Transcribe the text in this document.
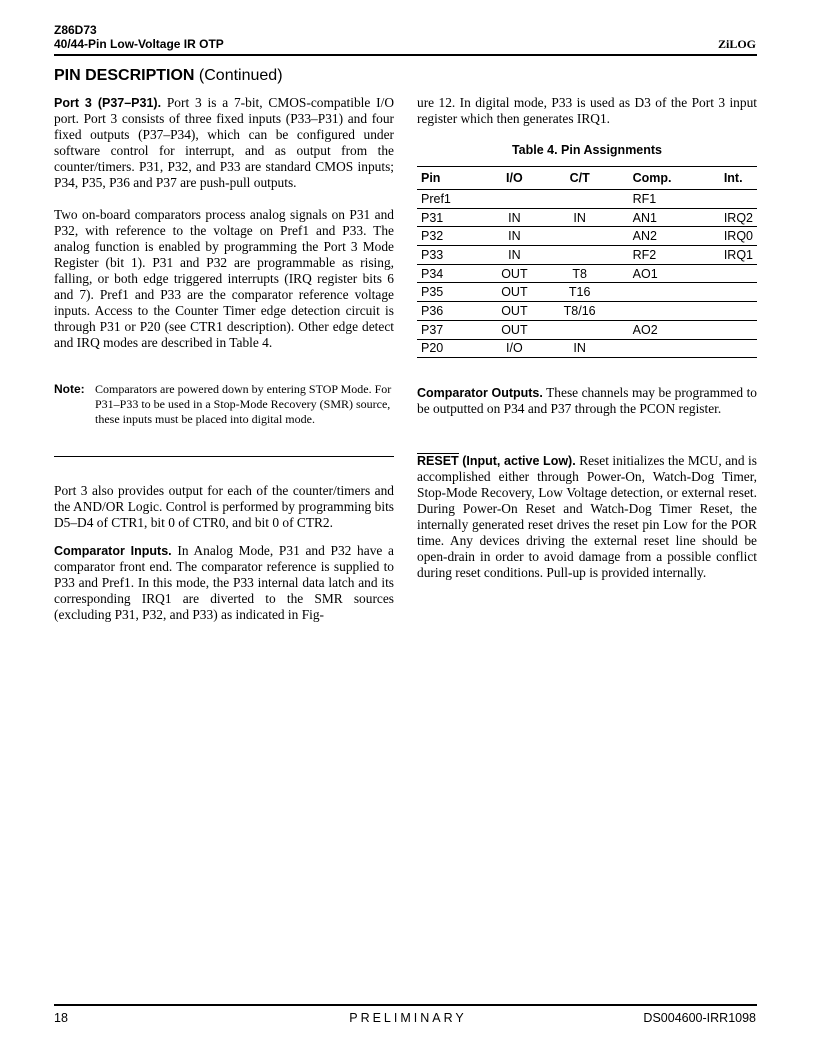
Z86D73
40/44-Pin Low-Voltage IR OTP	ZiLOG
PIN DESCRIPTION (Continued)

Port 3 (P37–P31). Port 3 is a 7-bit, CMOS-compatible I/O port. Port 3 consists of three fixed inputs (P33–P31) and four fixed outputs (P37–P34), which can be configured under software control for interrupt, and as output from the counter/timers. P31, P32, and P33 are standard CMOS inputs; P34, P35, P36 and P37 are push-pull outputs.

Two on-board comparators process analog signals on P31 and P32, with reference to the voltage on Pref1 and P33. The analog function is enabled by programming the Port 3 Mode Register (bit 1). P31 and P32 are programmable as rising, falling, or both edge triggered interrupts (IRQ register bits 6 and 7). Pref1 and P33 are the comparator reference voltage inputs. Access to the Counter Timer edge detection circuit is through P31 or P20 (see CTR1 description). Other edge detect and IRQ modes are described in Table 4.

Note: Comparators are powered down by entering STOP Mode. For P31–P33 to be used in a Stop-Mode Recovery (SMR) source, these inputs must be placed into digital mode.

Port 3 also provides output for each of the counter/timers and the AND/OR Logic. Control is performed by programming bits D5–D4 of CTR1, bit 0 of CTR0, and bit 0 of CTR2.

Comparator Inputs. In Analog Mode, P31 and P32 have a comparator front end. The comparator reference is supplied to P33 and Pref1. In this mode, the P33 internal data latch and its corresponding IRQ1 are diverted to the SMR sources (excluding P31, P32, and P33) as indicated in Fig-

ure 12. In digital mode, P33 is used as D3 of the Port 3 input register which then generates IRQ1.

Table 4. Pin Assignments
Pin	I/O	C/T	Comp.	Int.
Pref1			RF1	
P31	IN	IN	AN1	IRQ2
P32	IN		AN2	IRQ0
P33	IN		RF2	IRQ1
P34	OUT	T8	AO1	
P35	OUT	T16		
P36	OUT	T8/16		
P37	OUT		AO2	
P20	I/O	IN		

Comparator Outputs. These channels may be programmed to be outputted on P34 and P37 through the PCON register.

RESET (Input, active Low). Reset initializes the MCU, and is accomplished either through Power-On, Watch-Dog Timer, Stop-Mode Recovery, Low Voltage detection, or external reset. During Power-On Reset and Watch-Dog Timer Reset, the internally generated reset drives the reset pin Low for the POR time. Any devices driving the external reset line should be open-drain in order to avoid damage from a possible conflict during reset conditions. Pull-up is provided internally.

18	PRELIMINARY	DS004600-IRR1098
